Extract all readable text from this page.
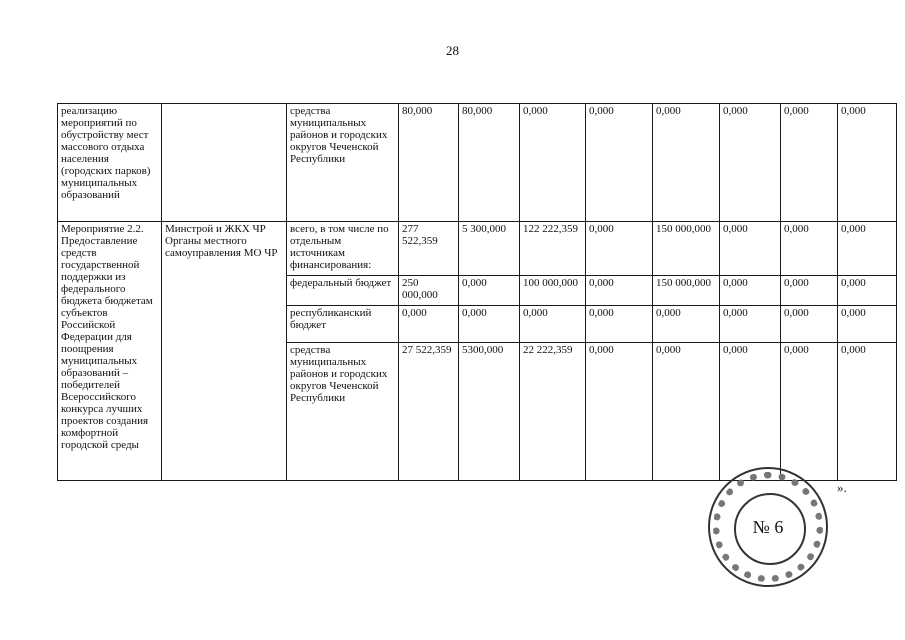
28
реализацию мероприятий по обустройству мест массового отдыха населения (городских парков) муниципальных образований		средства муниципальных районов и городских округов Чеченской Республики	80,000	80,000	0,000	0,000	0,000	0,000	0,000	0,000
Мероприятие 2.2. Предоставление средств государственной поддержки из федерального бюджета бюджетам субъектов Российской Федерации для поощрения муниципальных образований – победителей Всероссийского конкурса лучших проектов создания комфортной городской среды	Минстрой и ЖКХ ЧР Органы местного самоуправления МО ЧР	всего, в том числе по отдельным источникам финансирования:	277 522,359	5 300,000	122 222,359	0,000	150 000,000	0,000	0,000	0,000
		федеральный бюджет	250 000,000	0,000	100 000,000	0,000	150 000,000	0,000	0,000	0,000
		республиканский бюджет	0,000	0,000	0,000	0,000	0,000	0,000	0,000	0,000
		средства муниципальных районов и городских округов Чеченской Республики	27 522,359	5300,000	22 222,359	0,000	0,000	0,000	0,000	0,000
№ 6
».
